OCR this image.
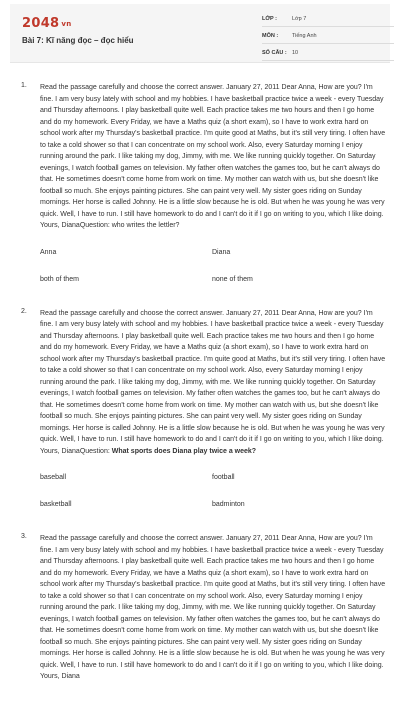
2048 vn
Bài 7: Kĩ năng đọc – đọc hiểu
LỚP :	Lớp 7
MÔN :	Tiếng Anh
SỐ CÂU : 10
1. Read the passage carefully and choose the correct answer. January 27, 2011 Dear Anna, How are you? I'm fine. I am very busy lately with school and my hobbies. I have basketball practice twice a week - every Tuesday and Thursday afternoons. I play basketball quite well. Each practice takes me two hours and then I go home and do my homework. Every Friday, we have a Maths quiz (a short exam), so I have to work extra hard on school work after my Thursday's basketball practice. I'm quite good at Maths, but it's still very tiring. I often have to take a cold shower so that I can concentrate on my school work. Also, every Saturday morning I enjoy running around the park. I like taking my dog, Jimmy, with me. We like running quickly together. On Saturday evenings, I watch football games on television. My father often watches the games too, but he can't always do that. He sometimes doesn't come home from work on time. My mother can watch with us, but she doesn't like football so much. She enjoys painting pictures. She can paint very well. My sister goes riding on Sunday mornings. Her horse is called Johnny. He is a little slow because he is old. But when he was young he was very quick. Well, I have to run. I still have homework to do and I can't do it if I go on writing to you, which I like doing. Yours, DianaQuestion: who writes the lettler?

Anna	Diana
both of them	none of them
2. Read the passage carefully and choose the correct answer. January 27, 2011 Dear Anna, How are you? I'm fine. I am very busy lately with school and my hobbies. I have basketball practice twice a week - every Tuesday and Thursday afternoons. I play basketball quite well. Each practice takes me two hours and then I go home and do my homework. Every Friday, we have a Maths quiz (a short exam), so I have to work extra hard on school work after my Thursday's basketball practice. I'm quite good at Maths, but it's still very tiring. I often have to take a cold shower so that I can concentrate on my school work. Also, every Saturday morning I enjoy running around the park. I like taking my dog, Jimmy, with me. We like running quickly together. On Saturday evenings, I watch football games on television. My father often watches the games too, but he can't always do that. He sometimes doesn't come home from work on time. My mother can watch with us, but she doesn't like football so much. She enjoys painting pictures. She can paint very well. My sister goes riding on Sunday mornings. Her horse is called Johnny. He is a little slow because he is old. But when he was young he was very quick. Well, I have to run. I still have homework to do and I can't do it if I go on writing to you, which I like doing. Yours, DianaQuestion: What sports does Diana play twice a week?

baseball	football
basketball	badminton
3. Read the passage carefully and choose the correct answer. January 27, 2011 Dear Anna, How are you? I'm fine. I am very busy lately with school and my hobbies. I have basketball practice twice a week - every Tuesday and Thursday afternoons. I play basketball quite well. Each practice takes me two hours and then I go home and do my homework. Every Friday, we have a Maths quiz (a short exam), so I have to work extra hard on school work after my Thursday's basketball practice. I'm quite good at Maths, but it's still very tiring. I often have to take a cold shower so that I can concentrate on my school work. Also, every Saturday morning I enjoy running around the park. I like taking my dog, Jimmy, with me. We like running quickly together. On Saturday evenings, I watch football games on television. My father often watches the games too, but he can't always do that. He sometimes doesn't come home from work on time. My mother can watch with us, but she doesn't like football so much. She enjoys painting pictures. She can paint very well. My sister goes riding on Sunday mornings. Her horse is called Johnny. He is a little slow because he is old. But when he was young he was very quick. Well, I have to run. I still have homework to do and I can't do it if I go on writing to you, which I like doing. Yours, Diana
